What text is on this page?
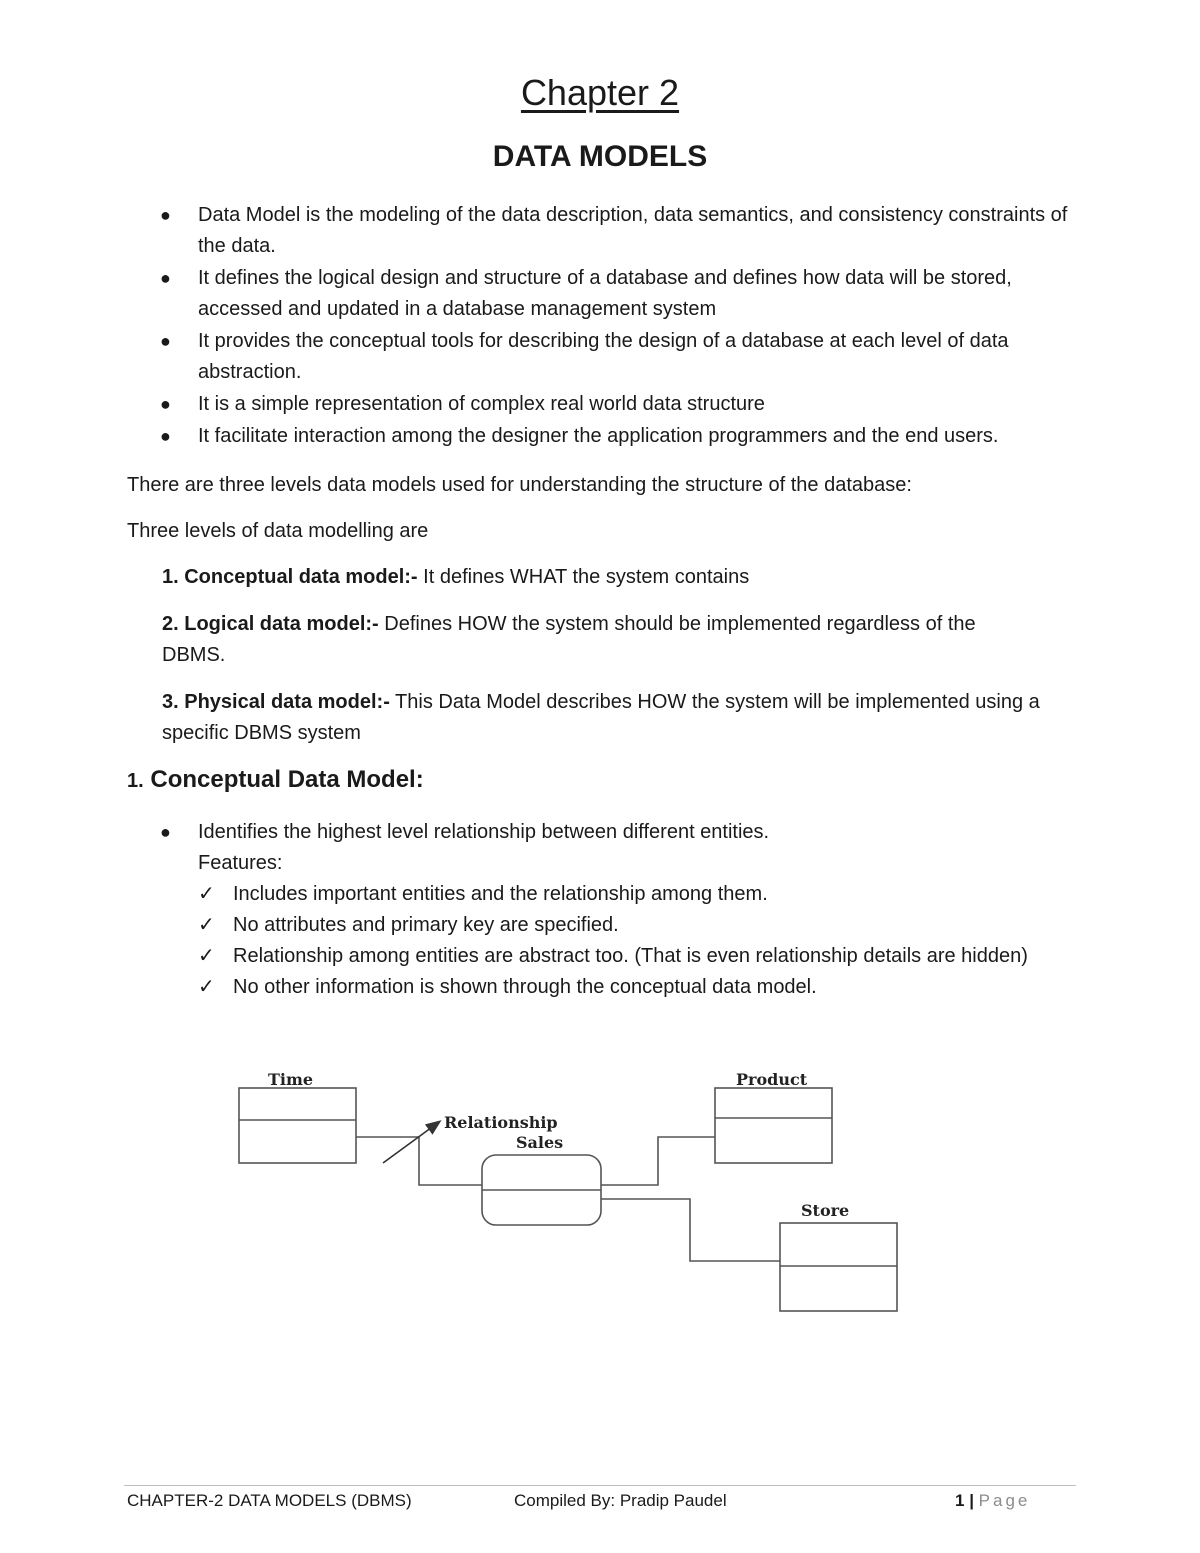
Chapter 2
DATA MODELS
● Data Model is the modeling of the data description, data semantics, and consistency constraints of the data.
● It defines the logical design and structure of a database and defines how data will be stored, accessed and updated in a database management system
● It provides the conceptual tools for describing the design of a database at each level of data abstraction.
● It is a simple representation of complex real world data structure
● It facilitate interaction among the designer the application programmers and the end users.

There are three levels data models used for understanding the structure of the database:

Three levels of data modelling are

1. Conceptual data model:- It defines WHAT the system contains

2. Logical data model:- Defines HOW the system should be implemented regardless of the DBMS.

3. Physical data model:- This Data Model describes HOW the system will be implemented using a specific DBMS system

1. Conceptual Data Model:
● Identifies the highest level relationship between different entities.
Features:
✓ Includes important entities and the relationship among them.
✓ No attributes and primary key are specified.
✓ Relationship among entities are abstract too. (That is even relationship details are hidden)
✓ No other information is shown through the conceptual data model.
Time	Product
Store
Relationship
Sales
CHAPTER-2 DATA MODELS (DBMS)	Compiled By: Pradip Paudel	1 | Page
